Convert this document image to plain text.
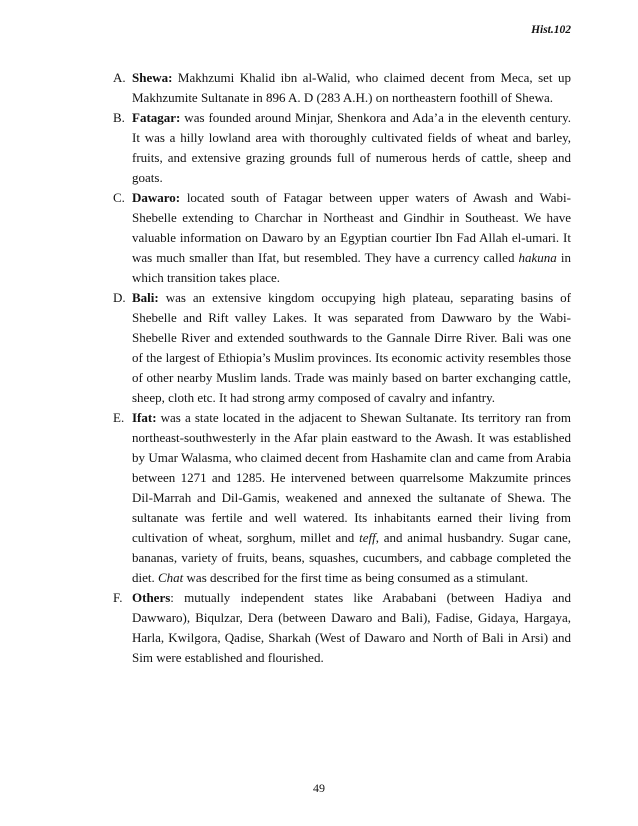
Hist.102
A. Shewa: Makhzumi Khalid ibn al-Walid, who claimed decent from Meca, set up Makhzumite Sultanate in 896 A. D (283 A.H.) on northeastern foothill of Shewa.

B. Fatagar: was founded around Minjar, Shenkora and Ada’a in the eleventh century. It was a hilly lowland area with thoroughly cultivated fields of wheat and barley, fruits, and extensive grazing grounds full of numerous herds of cattle, sheep and goats.

C. Dawaro: located south of Fatagar between upper waters of Awash and Wabi-Shebelle extending to Charchar in Northeast and Gindhir in Southeast. We have valuable information on Dawaro by an Egyptian courtier Ibn Fad Allah el-umari. It was much smaller than Ifat, but resembled. They have a currency called hakuna in which transition takes place.

D. Bali: was an extensive kingdom occupying high plateau, separating basins of Shebelle and Rift valley Lakes. It was separated from Dawwaro by the Wabi-Shebelle River and extended southwards to the Gannale Dirre River. Bali was one of the largest of Ethiopia’s Muslim provinces. Its economic activity resembles those of other nearby Muslim lands. Trade was mainly based on barter exchanging cattle, sheep, cloth etc. It had strong army composed of cavalry and infantry.

E. Ifat: was a state located in the adjacent to Shewan Sultanate. Its territory ran from northeast-southwesterly in the Afar plain eastward to the Awash. It was established by Umar Walasma, who claimed decent from Hashamite clan and came from Arabia between 1271 and 1285. He intervened between quarrelsome Makzumite princes Dil-Marrah and Dil-Gamis, weakened and annexed the sultanate of Shewa. The sultanate was fertile and well watered. Its inhabitants earned their living from cultivation of wheat, sorghum, millet and teff, and animal husbandry. Sugar cane, bananas, variety of fruits, beans, squashes, cucumbers, and cabbage completed the diet. Chat was described for the first time as being consumed as a stimulant.

F. Others: mutually independent states like Arababani (between Hadiya and Dawwaro), Biqulzar, Dera (between Dawaro and Bali), Fadise, Gidaya, Hargaya, Harla, Kwilgora, Qadise, Sharkah (West of Dawaro and North of Bali in Arsi) and Sim were established and flourished.

49
